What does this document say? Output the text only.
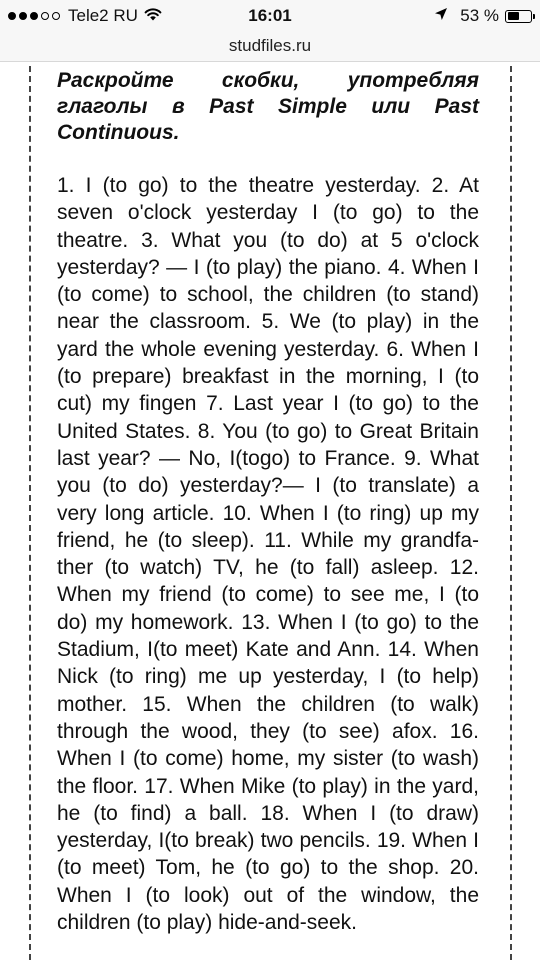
Tele2 RU	16:01	53 %
studfiles.ru

Раскройте скобки, употребляя глаголы в Past Simple или Past Continuous.

1. I (to go) to the theatre yesterday. 2. At seven o'clock yesterday I (to go) to the theatre. 3. What you (to do) at 5 o'clock yesterday? — I (to play) the piano. 4. When I (to come) to school, the children (to stand) near the classroom. 5. We (to play) in the yard the whole evening yesterday. 6. When I (to prepare) breakfast in the morning, I (to cut) my fingen 7. Last year I (to go) to the United States. 8. You (to go) to Great Britain last year? — No, I(togo) to France. 9. What you (to do) yesterday?— I (to translate) a very long article. 10. When I (to ring) up my friend, he (to sleep). 11. While my grandfa-ther (to watch) TV, he (to fall) asleep. 12. When my friend (to come) to see me, I (to do) my homework. 13. When I (to go) to the Stadium, I(to meet) Kate and Ann. 14. When Nick (to ring) me up yesterday, I (to help) mother. 15. When the children (to walk) through the wood, they (to see) afox. 16. When I (to come) home, my sister (to wash) the floor. 17. When Mike (to play) in the yard, he (to find) a ball. 18. When I (to draw) yesterday, I(to break) two pencils. 19. When I (to meet) Tom, he (to go) to the shop. 20. When I (to look) out of the window, the children (to play) hide-and-seek.
